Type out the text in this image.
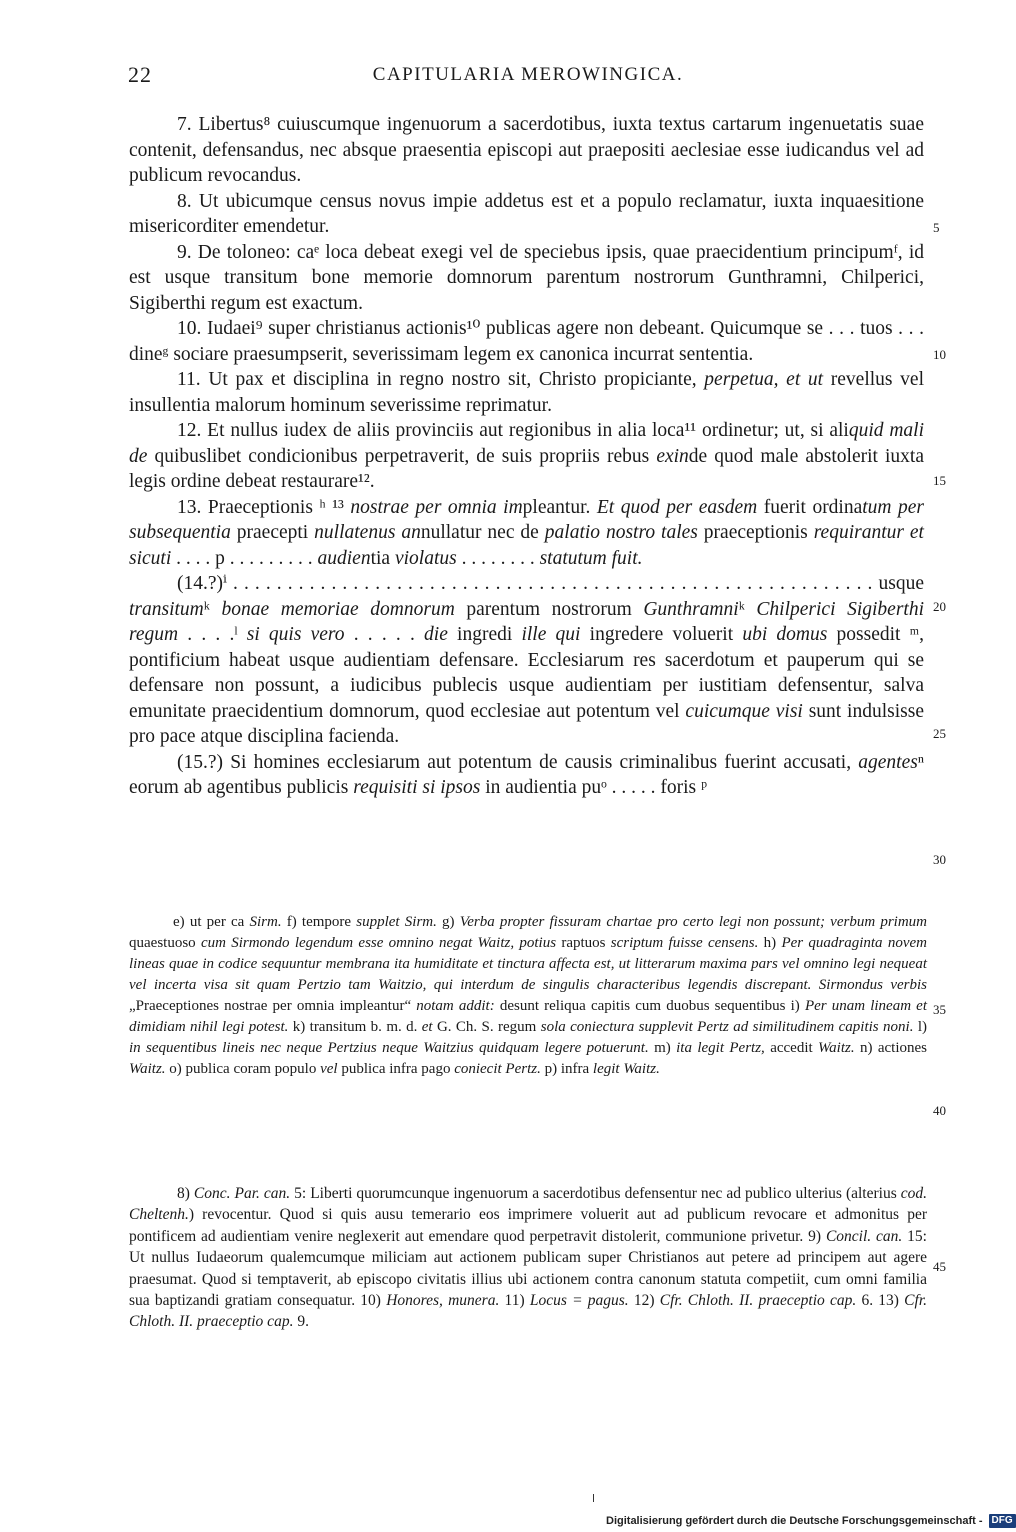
22	CAPITULARIA MEROWINGICA.
5
10
15
20
25
30
35
40
45

7. Libertus⁸ cuiuscumque ingenuorum a sacerdotibus, iuxta textus cartarum ingenuetatis suae contenit, defensandus, nec absque praesentia episcopi aut praepositi aeclesiae esse iudicandus vel ad publicum revocandus.

8. Ut ubicumque census novus impie addetus est et a populo reclamatur, iuxta inquaesitione misericorditer emendetur.

9. De toloneo: caᵉ loca debeat exegi vel de speciebus ipsis, quae praecidentium principumᶠ, id est usque transitum bone memorie domnorum parentum nostrorum Gunthramni, Chilperici, Sigiberthi regum est exactum.

10. Iudaei⁹ super christianus actionis¹⁰ publicas agere non debeant. Quicumque se . . . tuos . . . dineᵍ sociare praesumpserit, severissimam legem ex canonica incurrat sententia.

11. Ut pax et disciplina in regno nostro sit, Christo propiciante, perpetua, et ut revellus vel insullentia malorum hominum severissime reprimatur.

12. Et nullus iudex de aliis provinciis aut regionibus in alia loca¹¹ ordinetur; ut, si aliquid mali de quibuslibet condicionibus perpetraverit, de suis propriis rebus exinde quod male abstolerit iuxta legis ordine debeat restaurare¹².

13. Praeceptionis ʰ ¹³ nostrae per omnia impleantur. Et quod per easdem fuerit ordinatum per subsequentia praecepti nullatenus annullatur nec de palatio nostro tales praeceptionis requirantur et sicuti . . . . p . . . . . . . . . audientia violatus . . . . . . . . statutum fuit.

(14.?)ⁱ . . . . . . . . . . . . . . . . . . . . . . . . . . . . . . . . . . . . . . . . . . . . . . . . . . . . . . . . . . . usque transitumᵏ bonae memoriae domnorum parentum nostrorum Gunthramniᵏ Chilperici Sigiberthi regum . . . .ˡ si quis vero . . . . . die ingredi ille qui ingredere voluerit ubi domus possedit ᵐ, pontificium habeat usque audientiam defensare. Ecclesiarum res sacerdotum et pauperum qui se defensare non possunt, a iudicibus publecis usque audientiam per iustitiam defensentur, salva emunitate praecidentium domnorum, quod ecclesiae aut potentum vel cuicumque visi sunt indulsisse pro pace atque disciplina facienda.

(15.?) Si homines ecclesiarum aut potentum de causis criminalibus fuerint accusati, agentesⁿ eorum ab agentibus publicis requisiti si ipsos in audientia puᵒ . . . . . foris ᵖ

e) ut per ca Sirm. f) tempore supplet Sirm. g) Verba propter fissuram chartae pro certo legi non possunt; verbum primum quaestuoso cum Sirmondo legendum esse omnino negat Waitz, potius raptuos scriptum fuisse censens. h) Per quadraginta novem lineas quae in codice sequuntur membrana ita humiditate et tinctura affecta est, ut litterarum maxima pars vel omnino legi nequeat vel incerta visa sit quam Pertzio tam Waitzio, qui interdum de singulis characteribus legendis discrepant. Sirmondus verbis „Praeceptiones nostrae per omnia impleantur“ notam addit: desunt reliqua capitis cum duobus sequentibus i) Per unam lineam et dimidiam nihil legi potest. k) transitum b. m. d. et G. Ch. S. regum sola coniectura supplevit Pertz ad similitudinem capitis noni. l) in sequentibus lineis nec neque Pertzius neque Waitzius quidquam legere potuerunt. m) ita legit Pertz, accedit Waitz. n) actiones Waitz. o) publica coram populo vel publica infra pago coniecit Pertz. p) infra legit Waitz.

8) Conc. Par. can. 5: Liberti quorumcunque ingenuorum a sacerdotibus defensentur nec ad publico ulterius (alterius cod. Cheltenh.) revocentur. Quod si quis ausu temerario eos imprimere voluerit aut ad publicum revocare et admonitus per pontificem ad audientiam venire neglexerit aut emendare quod perpetravit distolerit, communione privetur. 9) Concil. can. 15: Ut nullus Iudaeorum qualemcumque miliciam aut actionem publicam super Christianos aut petere ad principem aut agere praesumat. Quod si temptaverit, ab episcopo civitatis illius ubi actionem contra canonum statuta competiit, cum omni familia sua baptizandi gratiam consequatur. 10) Honores, munera. 11) Locus = pagus. 12) Cfr. Chloth. II. praeceptio cap. 6. 13) Cfr. Chloth. II. praeceptio cap. 9.

Digitalisierung gefördert durch die Deutsche Forschungsgemeinschaft - DFG
